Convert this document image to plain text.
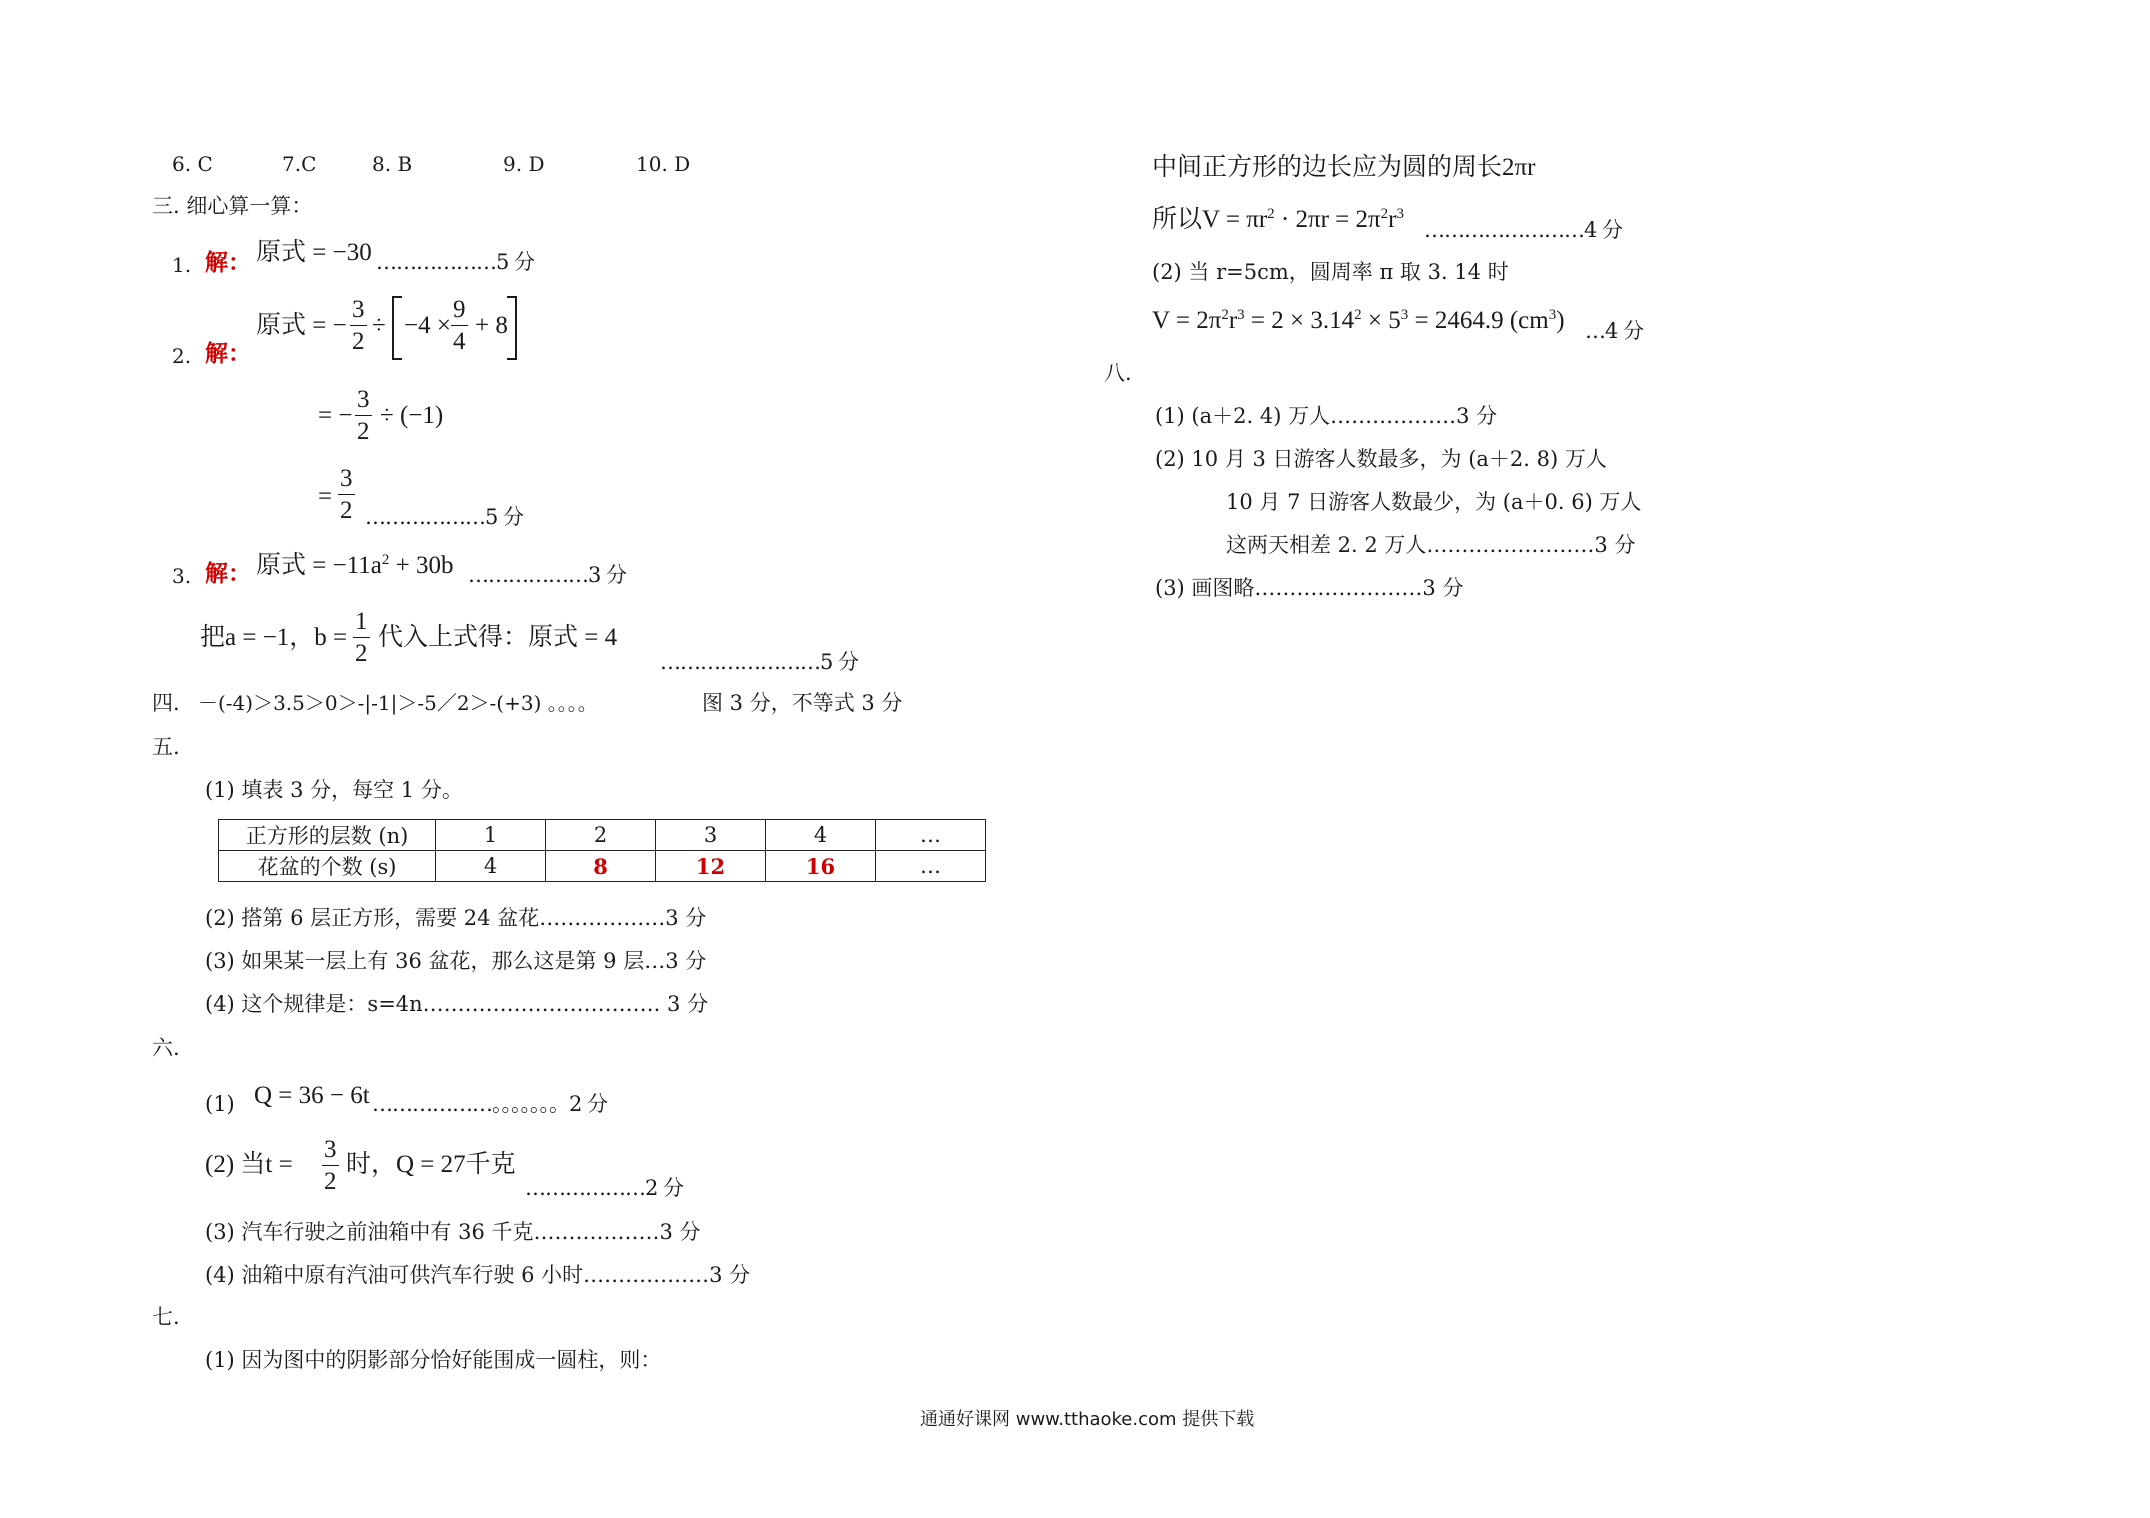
6. C	7.C	8. B	9. D	10. D
三. 细心算一算：
1. 解： 原式 = −30 ………………5 分
2. 解：
原式 = −
3
2
÷ −4 ×
9
4
+ 8
= −
3
2
÷ (−1)
=
3
2 ………………5 分
3. 解： 原式 = $-11a^2 + 30b$ ………………3 分
把a = −1，b =
1
2
代入上式得：原式 = 4
……………………5 分
四. －(-4)＞3.5＞0＞-|-1|＞-5／2＞-(+3) 。。。。	图 3 分，不等式 3 分
五.
(1) 填表 3 分，每空 1 分。
正方形的层数 (n)	1	2	3	4	…
花盆的个数 (s)	4	8	12	16	…
(2) 搭第 6 层正方形，需要 24 盆花………………3 分
(3) 如果某一层上有 36 盆花，那么这是第 9 层…3 分
(4) 这个规律是：s=4n……………………………. 3 分
六.
(1) Q = 36 − 6t ………………。。。。。。。2 分
(2) 当t =
3
2
时，Q = 27千克
………………2 分
(3) 汽车行驶之前油箱中有 36 千克………………3 分
(4) 油箱中原有汽油可供汽车行驶 6 小时………………3 分
七.
(1) 因为图中的阴影部分恰好能围成一圆柱，则：
中间正方形的边长应为圆的周长2πr
所以$V = \pi r^2 \cdot 2\pi r = 2\pi^2r^3$
……………………4 分
(2) 当 r=5cm，圆周率 π 取 3. 14 时
$V = 2\pi^2r^3 = 2 \times 3.14^2 \times 5^3 = 2464.9$ $(cm^3)$ …4 分
八.
(1) (a＋2. 4) 万人………………3 分
(2) 10 月 3 日游客人数最多，为 (a＋2. 8) 万人
10 月 7 日游客人数最少，为 (a＋0. 6) 万人
这两天相差 2. 2 万人……………………3 分
(3) 画图略……………………3 分
通通好课网 www.tthaoke.com 提供下载
